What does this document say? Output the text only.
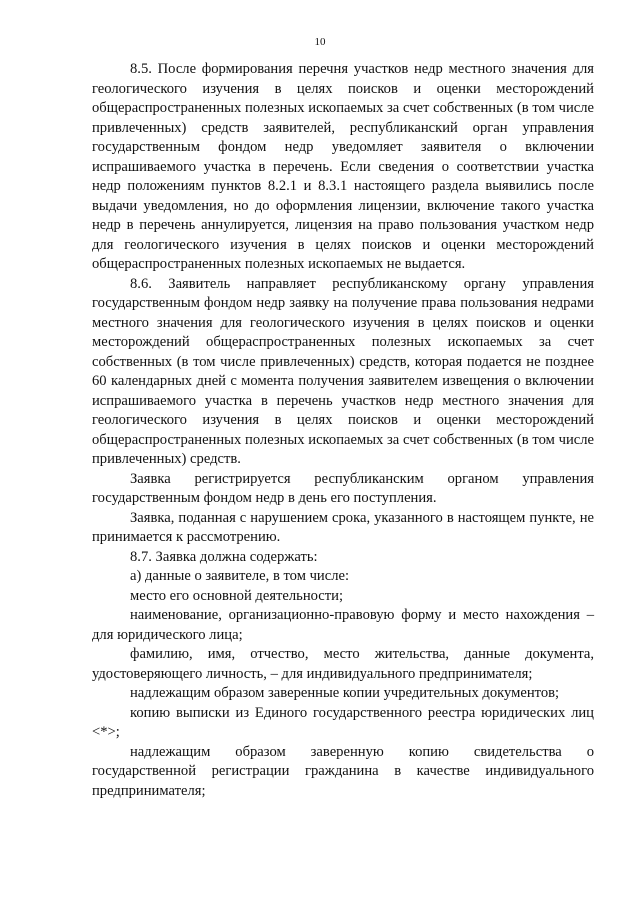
10

8.5. После формирования перечня участков недр местного значения для геологического изучения в целях поисков и оценки месторождений общераспространенных полезных ископаемых за счет собственных (в том числе привлеченных) средств заявителей, республиканский орган управления государственным фондом недр уведомляет заявителя о включении испрашиваемого участка в перечень. Если сведения о соответствии участка недр положениям пунктов 8.2.1 и 8.3.1 настоящего раздела выявились после выдачи уведомления, но до оформления лицензии, включение такого участка недр в перечень аннулируется, лицензия на право пользования участком недр для геологического изучения в целях поисков и оценки месторождений общераспространенных полезных ископаемых не выдается.

8.6. Заявитель направляет республиканскому органу управления государственным фондом недр заявку на получение права пользования недрами местного значения для геологического изучения в целях поисков и оценки месторождений общераспространенных полезных ископаемых за счет собственных (в том числе привлеченных) средств, которая подается не позднее 60 календарных дней с момента получения заявителем извещения о включении испрашиваемого участка в перечень участков недр местного значения для геологического изучения в целях поисков и оценки месторождений общераспространенных полезных ископаемых за счет собственных (в том числе привлеченных) средств.

Заявка регистрируется республиканским органом управления государственным фондом недр в день его поступления.

Заявка, поданная с нарушением срока, указанного в настоящем пункте, не принимается к рассмотрению.

8.7. Заявка должна содержать:

а) данные о заявителе, в том числе:

место его основной деятельности;

наименование, организационно-правовую форму и место нахождения – для юридического лица;

фамилию, имя, отчество, место жительства, данные документа, удостоверяющего личность, – для индивидуального предпринимателя;

надлежащим образом заверенные копии учредительных документов;

копию выписки из Единого государственного реестра юридических лиц <*>;

надлежащим образом заверенную копию свидетельства о государственной регистрации гражданина в качестве индивидуального предпринимателя;
